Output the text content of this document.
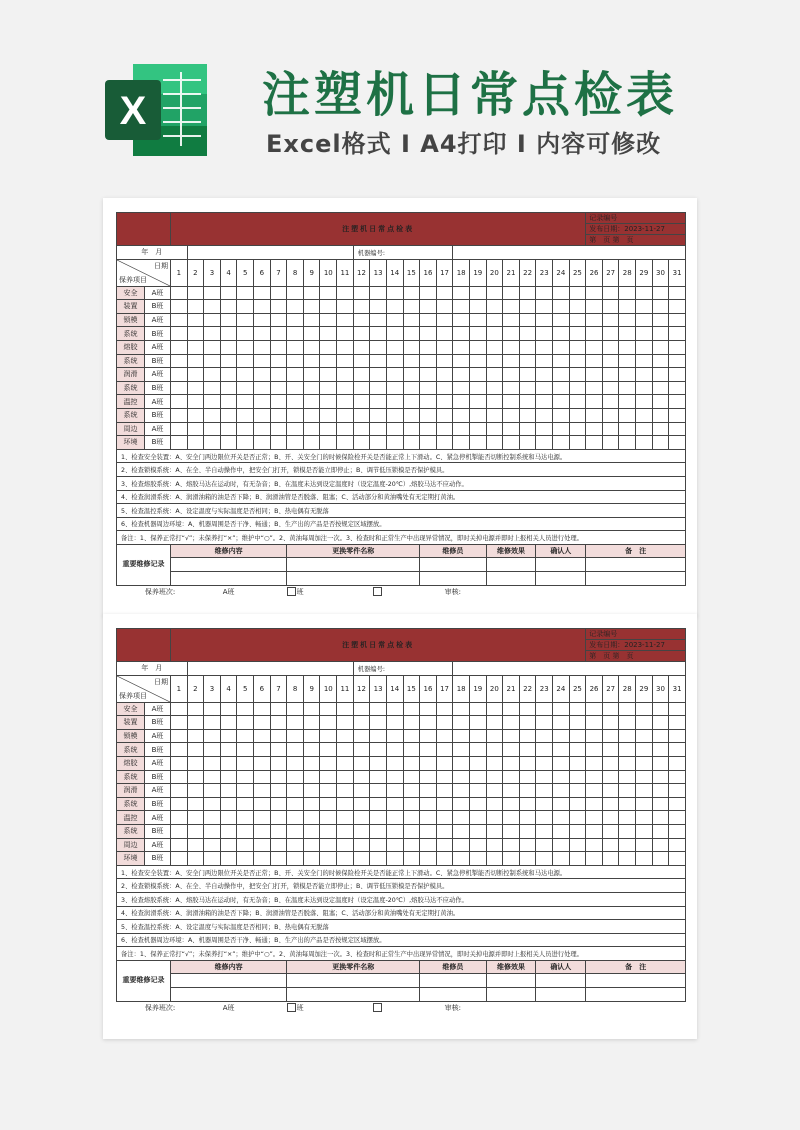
X 注塑机日常点检表
Excel格式 I A4打印 I 内容可修改
		注塑机日常点检表																									记录编号					
																											发布日期：2023-11-27					
																											第　页 第　页					
年　月													机器编号:																			

日期
保养项目		1	2	3	4	5	6	7	8	9	10	11	12	13	14	15	16	17	18	19	20	21	22	23	24	25	26	27	28	29	30	31
安全	A班																															
装置	B班																															
锁模	A班																															
系统	B班																															
熔胶	A班																															
系统	B班																															
润滑	A班																															
系统	B班																															
温控	A班																															
系统	B班																															
周边	A班																															
环境	B班																															
1、检查安全装置：A、安全门两边限位开关是否正常；B、开、关安全门的时候保险栓开关是否能正常上下滑动。C、紧急停机掣能否切断控制系统和马达电源。																																
2、检查锁模系统：A、在全、半自动操作中，把安全门打开，锁模是否能立即停止；B、调节低压锁模是否保护模具。																																
3、检查熔胶系统：A、熔胶马达在运动时，有无杂音；B、在温度未达到设定温度时（设定温度-20℃）,熔胶马达不应动作。																																
4、检查润滑系统：A、润滑油箱的油是否下降；B、润滑油管是否脱落、阻塞；C、活动部分和黄油嘴处有无定期打黄油。																																
5、检查温控系统：A、设定温度与实际温度是否相同；B、热电偶有无脱落																																
6、检查机器周边环境：A、机器周围是否干净、畅通；B、生产出的产品是否按规定区域摆放。																																
备注：1、保养正常打“√”；未保养打“×”；维护中“○”。2、黄油每周加注一次。3、检查时和正常生产中出现异常情况，即时关掉电源并即时上报相关人员进行处理。																																
重要维修记录		维修内容							更换零件名称								维修员				维修效果			确认人			备　注					

保养班次:				A班			班										审核:															
		注塑机日常点检表																									记录编号					
																											发布日期：2023-11-27					
																											第　页 第　页					
年　月													机器编号:																			

日期
保养项目		1	2	3	4	5	6	7	8	9	10	11	12	13	14	15	16	17	18	19	20	21	22	23	24	25	26	27	28	29	30	31
安全	A班																															
装置	B班																															
锁模	A班																															
系统	B班																															
熔胶	A班																															
系统	B班																															
润滑	A班																															
系统	B班																															
温控	A班																															
系统	B班																															
周边	A班																															
环境	B班																															
1、检查安全装置：A、安全门两边限位开关是否正常；B、开、关安全门的时候保险栓开关是否能正常上下滑动。C、紧急停机掣能否切断控制系统和马达电源。																																
2、检查锁模系统：A、在全、半自动操作中，把安全门打开，锁模是否能立即停止；B、调节低压锁模是否保护模具。																																
3、检查熔胶系统：A、熔胶马达在运动时，有无杂音；B、在温度未达到设定温度时（设定温度-20℃）,熔胶马达不应动作。																																
4、检查润滑系统：A、润滑油箱的油是否下降；B、润滑油管是否脱落、阻塞；C、活动部分和黄油嘴处有无定期打黄油。																																
5、检查温控系统：A、设定温度与实际温度是否相同；B、热电偶有无脱落																																
6、检查机器周边环境：A、机器周围是否干净、畅通；B、生产出的产品是否按规定区域摆放。																																
备注：1、保养正常打“√”；未保养打“×”；维护中“○”。2、黄油每周加注一次。3、检查时和正常生产中出现异常情况，即时关掉电源并即时上报相关人员进行处理。																																
重要维修记录		维修内容							更换零件名称								维修员				维修效果			确认人			备　注					

保养班次:				A班			班										审核:															
